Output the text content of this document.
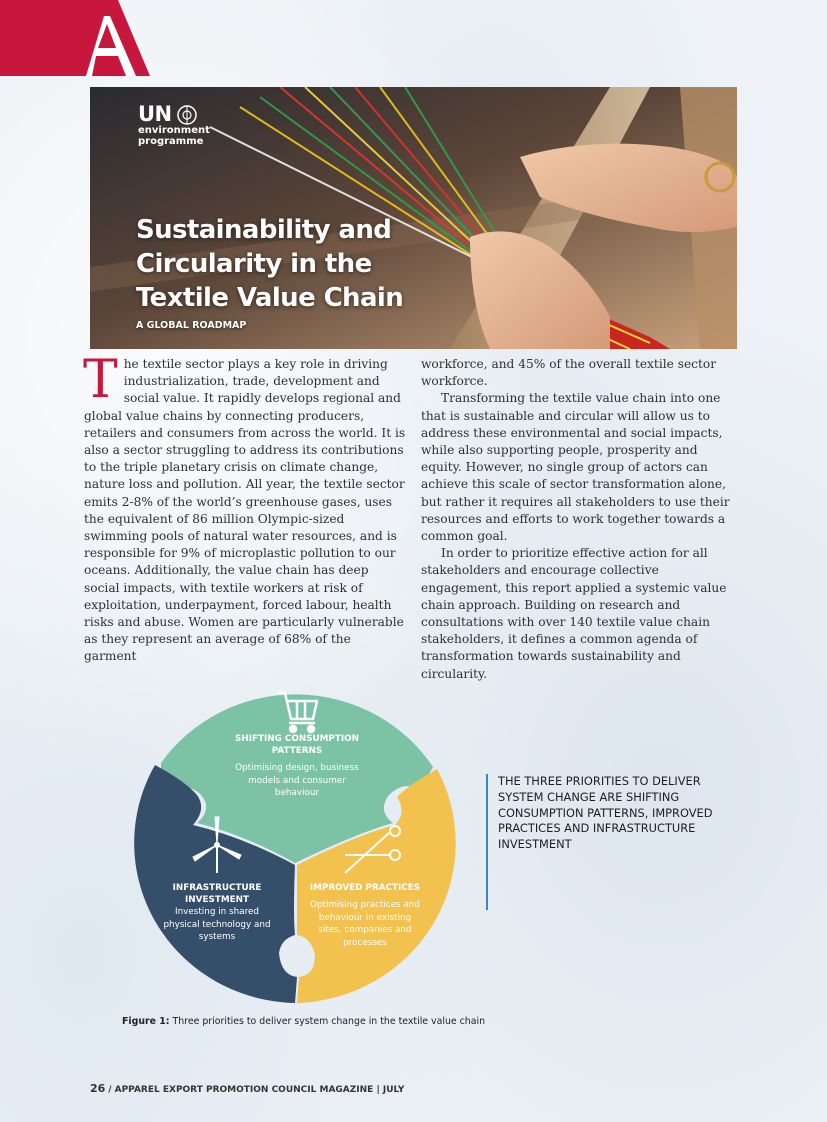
UN
environment
programme
Sustainability and Circularity in the Textile Value Chain
A GLOBAL ROADMAP
T he textile sector plays a key role in driving industrialization, trade, development and social value. It rapidly develops regional and global value chains by connecting producers, retailers and consumers from across the world. It is also a sector struggling to address its contributions to the triple planetary crisis on climate change, nature loss and pollution. All year, the textile sector emits 2-8% of the world’s greenhouse gases, uses the equivalent of 86 million Olympic-sized swimming pools of natural water resources, and is responsible for 9% of microplastic pollution to our oceans. Additionally, the value chain has deep social impacts, with textile workers at risk of exploitation, underpayment, forced labour, health risks and abuse. Women are particularly vulnerable as they represent an average of 68% of the garment

workforce, and 45% of the overall textile sector workforce.

Transforming the textile value chain into one that is sustainable and circular will allow us to address these environmental and social impacts, while also supporting people, prosperity and equity. However, no single group of actors can achieve this scale of sector transformation alone, but rather it requires all stakeholders to use their resources and efforts to work together towards a common goal.

In order to prioritize effective action for all stakeholders and encourage collective engagement, this report applied a systemic value chain approach. Building on research and consultations with over 140 textile value chain stakeholders, it defines a common agenda of transformation towards sustainability and circularity.

SHIFTING CONSUMPTION PATTERNS
Optimising design, business models and consumer behaviour
INFRASTRUCTURE INVESTMENT
Investing in shared physical technology and systems
IMPROVED PRACTICES
Optimising practices and behaviour in existing sites, companies and processes
THE THREE PRIORITIES TO DELIVER SYSTEM CHANGE ARE SHIFTING CONSUMPTION PATTERNS, IMPROVED PRACTICES AND INFRASTRUCTURE INVESTMENT
Figure 1: Three priorities to deliver system change in the textile value chain
26 / APPAREL EXPORT PROMOTION COUNCIL MAGAZINE | JULY
